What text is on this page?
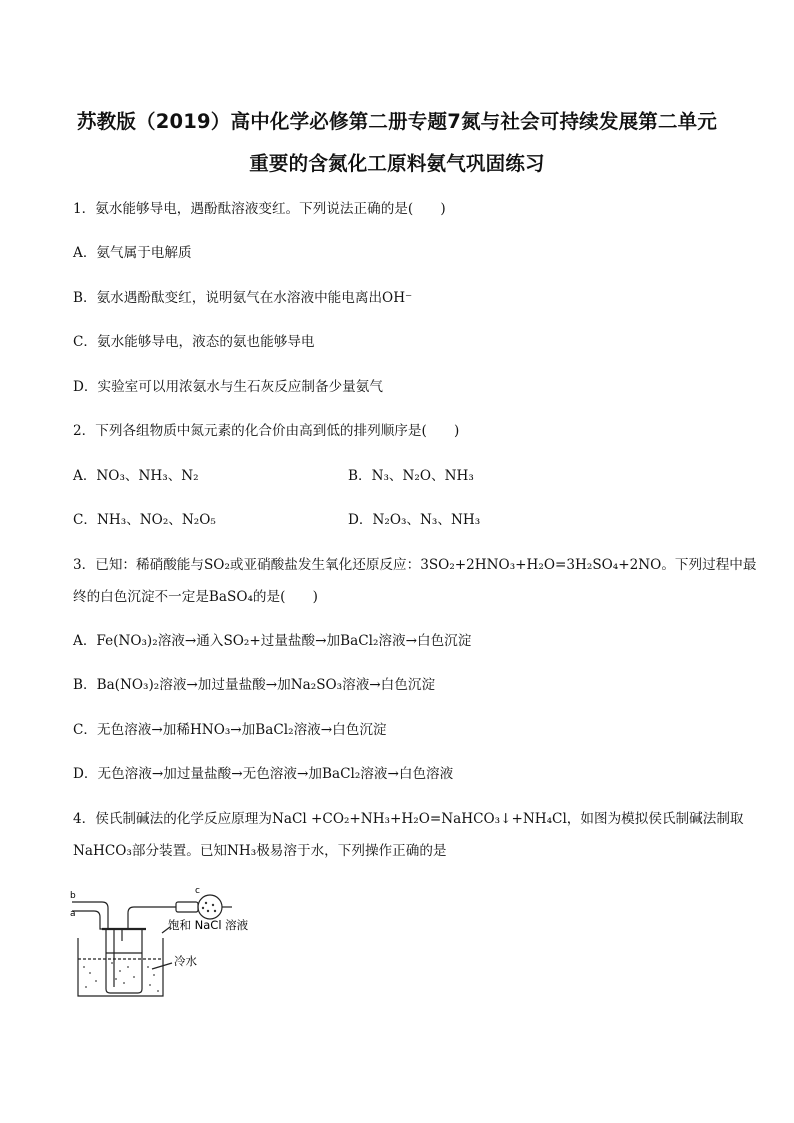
苏教版（2019）高中化学必修第二册专题7氮与社会可持续发展第二单元
重要的含氮化工原料氨气巩固练习
1．氨水能够导电，遇酚酞溶液变红。下列说法正确的是(　　)
A．氨气属于电解质
B．氨水遇酚酞变红，说明氨气在水溶液中能电离出OH⁻
C．氨水能够导电，液态的氨也能够导电
D．实验室可以用浓氨水与生石灰反应制备少量氨气
2．下列各组物质中氮元素的化合价由高到低的排列顺序是(　　)
A．NO₃、NH₃、N₂	B．N₃、N₂O、NH₃
C．NH₃、NO₂、N₂O₅	D．N₂O₃、N₃、NH₃
3．已知：稀硝酸能与SO₂或亚硝酸盐发生氧化还原反应：3SO₂+2HNO₃+H₂O=3H₂SO₄+2NO。下列过程中最
终的白色沉淀不一定是BaSO₄的是(　　)
A．Fe(NO₃)₂溶液→通入SO₂+过量盐酸→加BaCl₂溶液→白色沉淀
B．Ba(NO₃)₂溶液→加过量盐酸→加Na₂SO₃溶液→白色沉淀
C．无色溶液→加稀HNO₃→加BaCl₂溶液→白色沉淀
D．无色溶液→加过量盐酸→无色溶液→加BaCl₂溶液→白色溶液
4．侯氏制碱法的化学反应原理为NaCl +CO₂+NH₃+H₂O=NaHCO₃↓+NH₄Cl，如图为模拟侯氏制碱法制取
NaHCO₃部分装置。已知NH₃极易溶于水，下列操作正确的是
b
a
c
饱和 NaCl 溶液
冷水
